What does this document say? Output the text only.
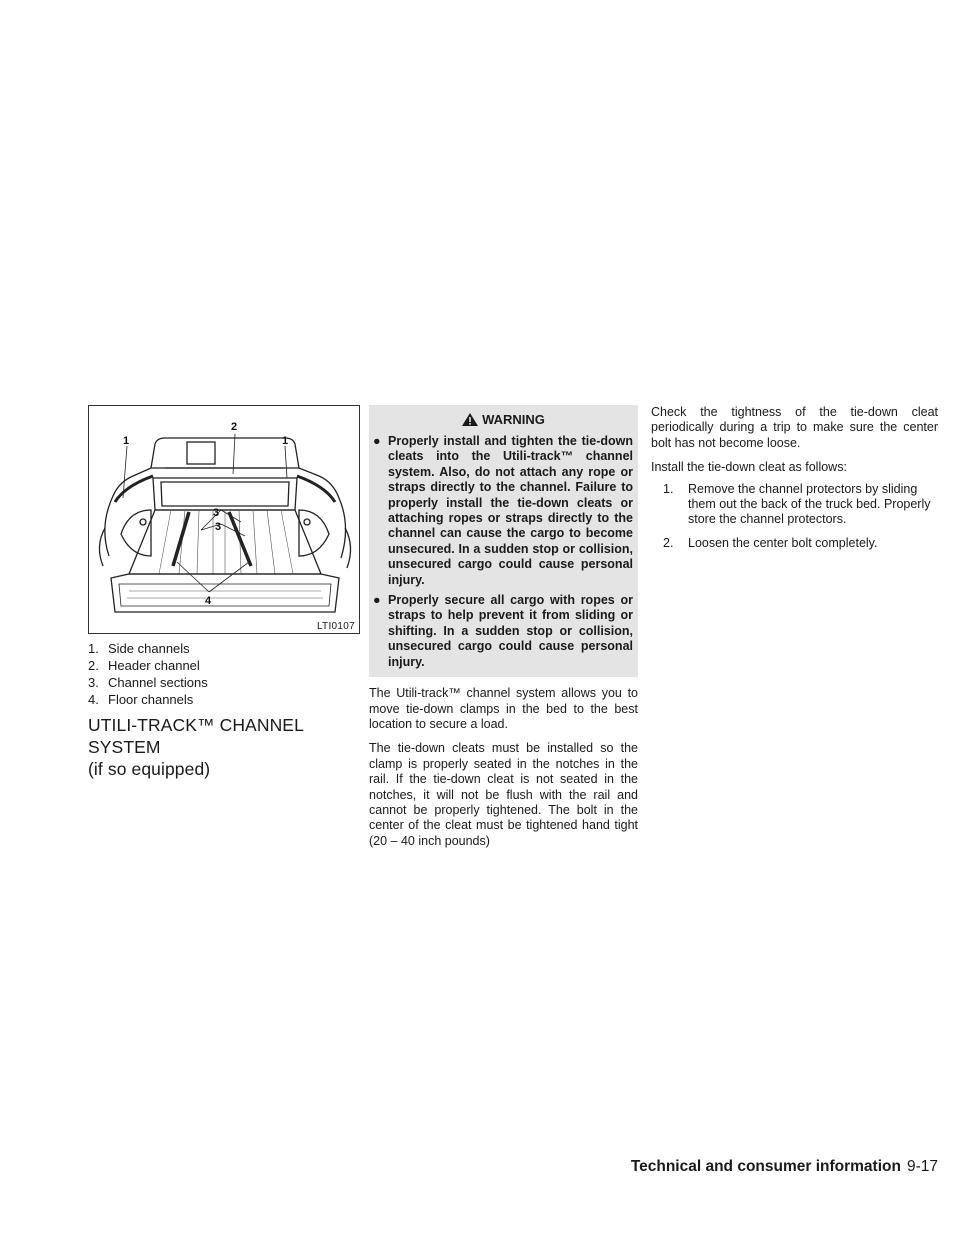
1
2
1
3
3
4
LTI0107
1. Side channels
2. Header channel
3. Channel sections
4. Floor channels
UTILI-TRACK™ CHANNEL SYSTEM
(if so equipped)
WARNING
● Properly install and tighten the tie-down cleats into the Utili-track™ channel system. Also, do not attach any rope or straps directly to the channel. Failure to properly install the tie-down cleats or attaching ropes or straps directly to the channel can cause the cargo to become unsecured. In a sudden stop or collision, unsecured cargo could cause personal injury.
● Properly secure all cargo with ropes or straps to help prevent it from sliding or shifting. In a sudden stop or collision, unsecured cargo could cause personal injury.

The Utili-track™ channel system allows you to move tie-down clamps in the bed to the best location to secure a load.

The tie-down cleats must be installed so the clamp is properly seated in the notches in the rail. If the tie-down cleat is not seated in the notches, it will not be flush with the rail and cannot be properly tightened. The bolt in the center of the cleat must be tightened hand tight (20 – 40 inch pounds)

Check the tightness of the tie-down cleat periodically during a trip to make sure the center bolt has not become loose.

Install the tie-down cleat as follows:

1.	Remove the channel protectors by sliding them out the back of the truck bed. Properly store the channel protectors.
2.	Loosen the center bolt completely.
Technical and consumer information 9-17
